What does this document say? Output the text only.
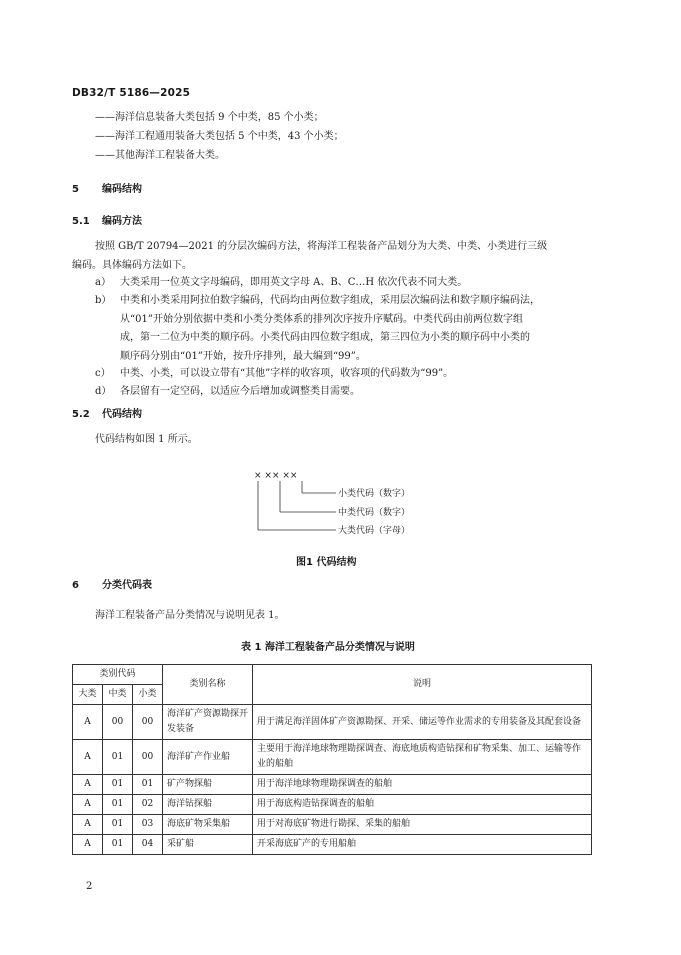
DB32/T 5186—2025
——海洋信息装备大类包括 9 个中类，85 个小类；
——海洋工程通用装备大类包括 5 个中类，43 个小类；
——其他海洋工程装备大类。
5 编码结构
5.1 编码方法
按照 GB/T 20794—2021 的分层次编码方法，将海洋工程装备产品划分为大类、中类、小类进行三级
编码。具体编码方法如下。
a） 大类采用一位英文字母编码，即用英文字母 A、B、C…H 依次代表不同大类。
b） 中类和小类采用阿拉伯数字编码，代码均由两位数字组成，采用层次编码法和数字顺序编码法，
从“01”开始分别依据中类和小类分类体系的排列次序按升序赋码。中类代码由前两位数字组
成，第一二位为中类的顺序码。小类代码由四位数字组成，第三四位为小类的顺序码中小类的
顺序码分别由“01”开始，按升序排列，最大编到“99”。
c） 中类、小类，可以设立带有“其他”字样的收容项，收容项的代码数为“99”。
d） 各层留有一定空码，以适应今后增加或调整类目需要。
5.2 代码结构
代码结构如图 1 所示。
× ×× ××
小类代码（数字）
中类代码（数字）
大类代码（字母）
图1 代码结构
6 分类代码表
海洋工程装备产品分类情况与说明见表 1。
表 1 海洋工程装备产品分类情况与说明
类别代码			类别名称	说明
大类	中类	小类		
A	00	00	海洋矿产资源勘探开发装备	用于满足海洋固体矿产资源勘探、开采、储运等作业需求的专用装备及其配套设备
A	01	00	海洋矿产作业船	主要用于海洋地球物理勘探调查、海底地质构造钻探和矿物采集、加工、运输等作业的船舶
A	01	01	矿产物探船	用于海洋地球物理勘探调查的船舶
A	01	02	海洋钻探船	用于海底构造钻探调查的船舶
A	01	03	海底矿物采集船	用于对海底矿物进行勘探、采集的船舶
A	01	04	采矿船	开采海底矿产的专用船舶
2
